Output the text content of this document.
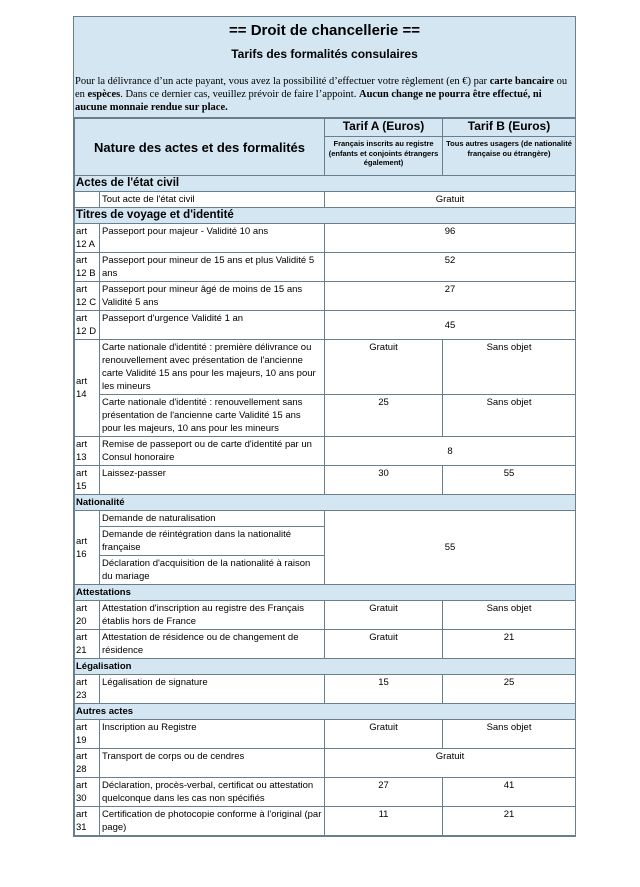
== Droit de chancellerie ==
Tarifs des formalités consulaires
Pour la délivrance d’un acte payant, vous avez la possibilité d’effectuer votre règlement (en €) par carte bancaire ou en espèces. Dans ce dernier cas, veuillez prévoir de faire l’appoint. Aucun change ne pourra être effectué, ni aucune monnaie rendue sur place.
Nature des actes et des formalités		Tarif A (Euros)	Tarif B (Euros)
		Français inscrits au registre (enfants et conjoints étrangers également)	Tous autres usagers (de nationalité française ou étrangère)
Actes de l'état civil			
	Tout acte de l'état civil	Gratuit	
Titres de voyage et d'identité			
art 12 A	Passeport pour majeur - Validité 10 ans	96	
art 12 B	Passeport pour mineur de 15 ans et plus Validité 5 ans	52	
art 12 C	Passeport pour mineur âgé de moins de 15 ans Validité 5 ans	27	
art 12 D	Passeport d'urgence Validité 1 an	45	
art 14	Carte nationale d'identité : première délivrance ou renouvellement avec présentation de l'ancienne carte Validité 15 ans pour les majeurs, 10 ans pour les mineurs	Gratuit	Sans objet
	Carte nationale d'identité : renouvellement sans présentation de l'ancienne carte Validité 15 ans pour les majeurs, 10 ans pour les mineurs	25	Sans objet
art 13	Remise de passeport ou de carte d'identité par un Consul honoraire	8	
art 15	Laissez-passer	30	55
Nationalité			
art 16	Demande de naturalisation	55	
	Demande de réintégration dans la nationalité française		
	Déclaration d'acquisition de la nationalité à raison du mariage		
Attestations			
art 20	Attestation d'inscription au registre des Français établis hors de France	Gratuit	Sans objet
art 21	Attestation de résidence ou de changement de résidence	Gratuit	21
Légalisation			
art 23	Légalisation de signature	15	25
Autres actes			
art 19	Inscription au Registre	Gratuit	Sans objet
art 28	Transport de corps ou de cendres	Gratuit	
art 30	Déclaration, procès-verbal, certificat ou attestation quelconque dans les cas non spécifiés	27	41
art 31	Certification de photocopie conforme à l'original (par page)	11	21
